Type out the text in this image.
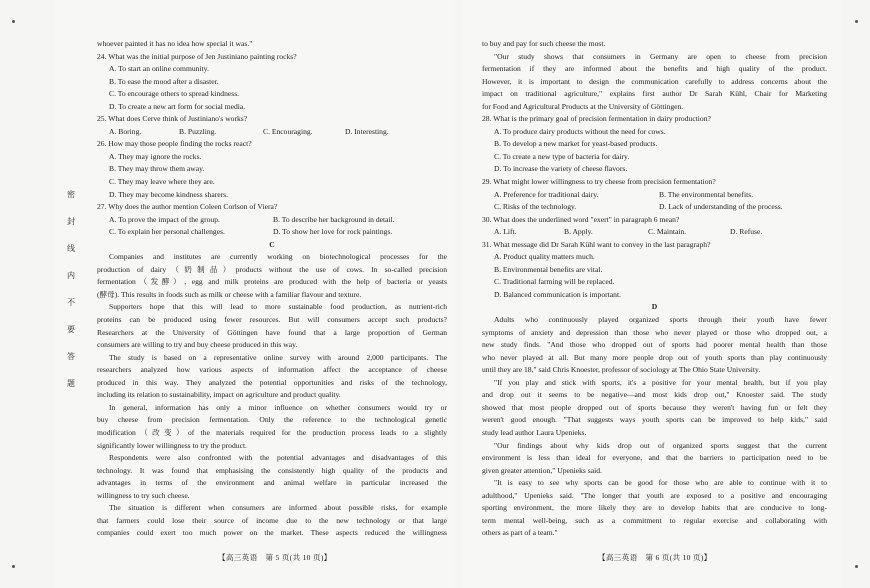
密
封
线
内
不
要
答
题
whoever painted it has no idea how special it was."
24. What was the initial purpose of Jen Justiniano painting rocks?
A. To start an online community.
B. To ease the mood after a disaster.
C. To encourage others to spread kindness.
D. To create a new art form for social media.
25. What does Cerve think of Justiniano's works?
A. Boring.	B. Puzzling.	C. Encouraging.	D. Interesting.
26. How may those people finding the rocks react?
A. They may ignore the rocks.
B. They may throw them away.
C. They may leave where they are.
D. They may become kindness sharers.
27. Why does the author mention Coleen Corlson of Viera?
A. To prove the impact of the group.	B. To describe her background in detail.
C. To explain her personal challenges.	D. To show her love for rock paintings.
C
Companies and institutes are currently working on biotechnological processes for the
production of dairy（奶制品）products without the use of cows. In so-called precision
fermentation（发酵）, egg and milk proteins are produced with the help of bacteria or yeasts
(酵母). This results in foods such as milk or cheese with a familiar flavour and texture.
Supporters hope that this will lead to more sustainable food production, as nutrient-rich
proteins can be produced using fewer resources. But will consumers accept such products?
Researchers at the University of Göttingen have found that a large proportion of German
consumers are willing to try and buy cheese produced in this way.
The study is based on a representative online survey with around 2,000 participants. The
researchers analyzed how various aspects of information affect the acceptance of cheese
produced in this way. They analyzed the potential opportunities and risks of the technology,
including its relation to sustainability, impact on agriculture and product quality.
In general, information has only a minor influence on whether consumers would try or
buy cheese from precision fermentation. Only the reference to the technological genetic
modification（改变）of the materials required for the production process leads to a slightly
significantly lower willingness to try the product.
Respondents were also confronted with the potential advantages and disadvantages of this
technology. It was found that emphasising the consistently high quality of the products and
advantages in terms of the environment and animal welfare in particular increased the
willingness to try such cheese.
The situation is different when consumers are informed about possible risks, for example
that farmers could lose their source of income due to the new technology or that large
companies could exert too much power on the market. These aspects reduced the willingness
to buy and pay for such cheese the most.
"Our study shows that consumers in Germany are open to cheese from precision
fermentation if they are informed about the benefits and high quality of the product.
However, it is important to design the communication carefully to address concerns about the
impact on traditional agriculture," explains first author Dr Sarah Kühl, Chair for Marketing
for Food and Agricultural Products at the University of Göttingen.
28. What is the primary goal of precision fermentation in dairy production?
A. To produce dairy products without the need for cows.
B. To develop a new market for yeast-based products.
C. To create a new type of bacteria for dairy.
D. To increase the variety of cheese flavors.
29. What might lower willingness to try cheese from precision fermentation?
A. Preference for traditional dairy.	B. The environmental benefits.
C. Risks of the technology.	D. Lack of understanding of the process.
30. What does the underlined word "exert" in paragraph 6 mean?
A. Lift.	B. Apply.	C. Maintain.	D. Refuse.
31. What message did Dr Sarah Kühl want to convey in the last paragraph?
A. Product quality matters much.
B. Environmental benefits are vital.
C. Traditional farming will be replaced.
D. Balanced communication is important.
D
Adults who continuously played organized sports through their youth have fewer
symptoms of anxiety and depression than those who never played or those who dropped out, a
new study finds. "And those who dropped out of sports had poorer mental health than those
who never played at all. But many more people drop out of youth sports than play continuously
until they are 18," said Chris Knoester, professor of sociology at The Ohio State University.
"If you play and stick with sports, it's a positive for your mental health, but if you play
and drop out it seems to be negative—and most kids drop out," Knoester said. The study
showed that most people dropped out of sports because they weren't having fun or felt they
weren't good enough. "That suggests ways youth sports can be improved to help kids," said
study lead author Laura Upenieks.
"Our findings about why kids drop out of organized sports suggest that the current
environment is less than ideal for everyone, and that the barriers to participation need to be
given greater attention," Upenieks said.
"It is easy to see why sports can be good for those who are able to continue with it to
adulthood," Upenieks said. "The longer that youth are exposed to a positive and encouraging
sporting environment, the more likely they are to develop habits that are conducive to long-
term mental well-being, such as a commitment to regular exercise and collaborating with
others as part of a team."
【高三英语　第 5 页(共 10 页)】	【高三英语　第 6 页(共 10 页)】
